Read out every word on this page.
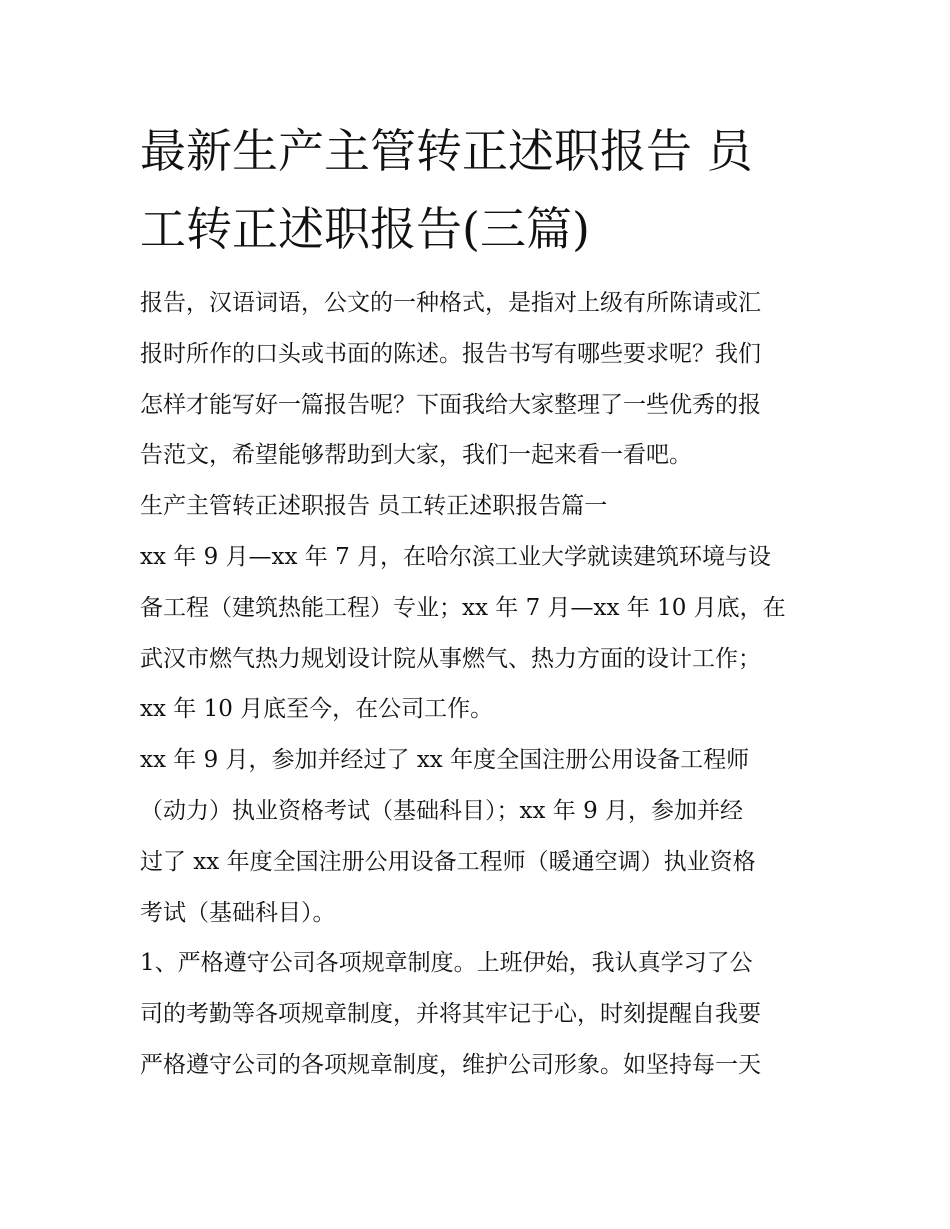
最新生产主管转正述职报告 员
工转正述职报告(三篇)
报告，汉语词语，公文的一种格式，是指对上级有所陈请或汇
报时所作的口头或书面的陈述。报告书写有哪些要求呢？我们
怎样才能写好一篇报告呢？下面我给大家整理了一些优秀的报
告范文，希望能够帮助到大家，我们一起来看一看吧。
生产主管转正述职报告 员工转正述职报告篇一
xx 年 9 月—xx 年 7 月，在哈尔滨工业大学就读建筑环境与设
备工程（建筑热能工程）专业；xx 年 7 月—xx 年 10 月底，在
武汉市燃气热力规划设计院从事燃气、热力方面的设计工作；
xx 年 10 月底至今，在公司工作。
xx 年 9 月，参加并经过了 xx 年度全国注册公用设备工程师
（动力）执业资格考试（基础科目）；xx 年 9 月，参加并经
过了 xx 年度全国注册公用设备工程师（暖通空调）执业资格
考试（基础科目）。
1、严格遵守公司各项规章制度。上班伊始，我认真学习了公
司的考勤等各项规章制度，并将其牢记于心，时刻提醒自我要
严格遵守公司的各项规章制度，维护公司形象。如坚持每一天
